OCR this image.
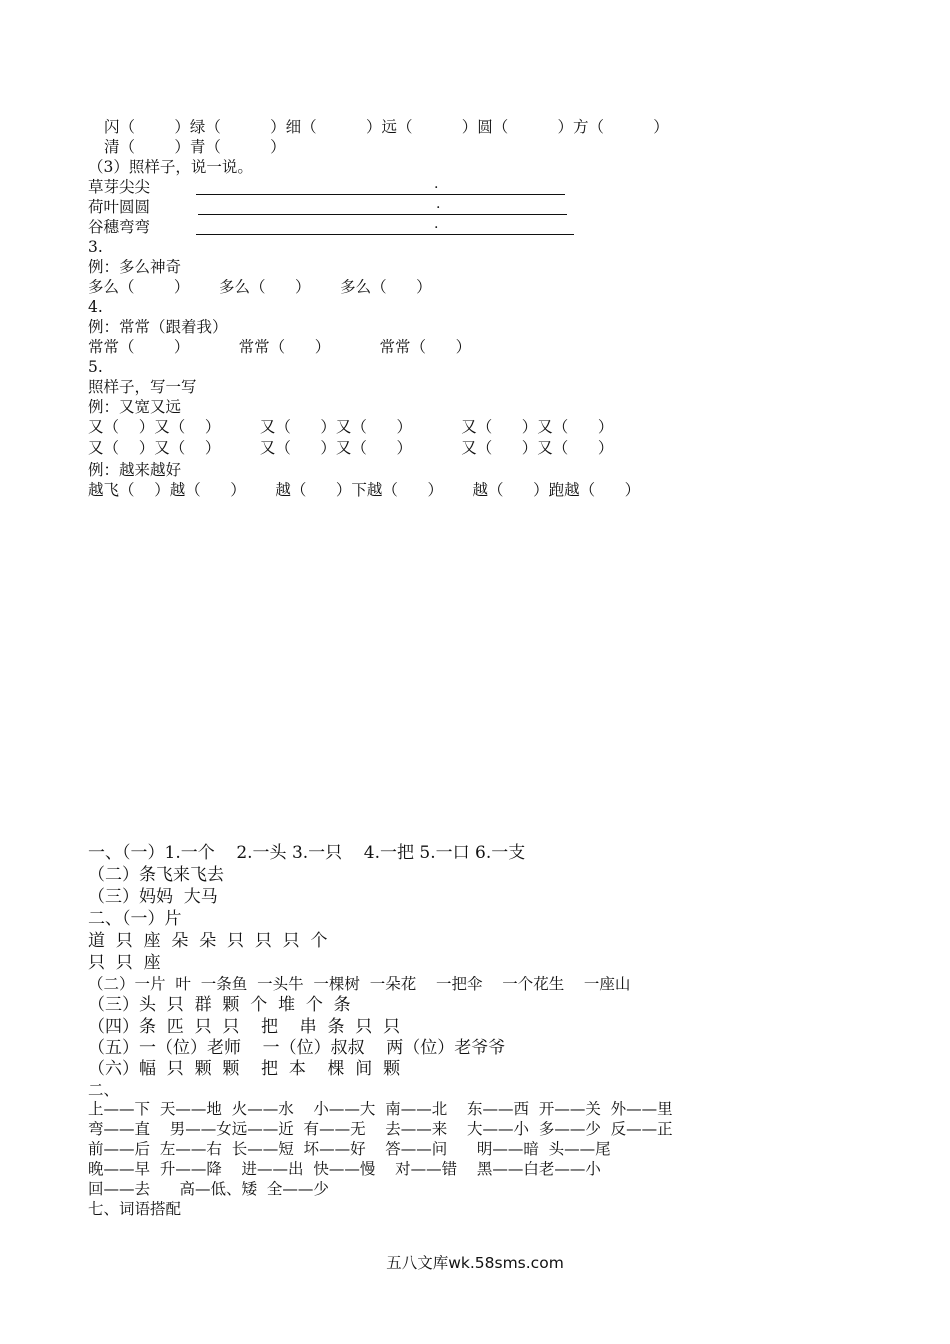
闪（        ）绿（          ）细（          ）远（          ）圆（          ）方（          ）
清（        ）青（          ）
（3）照样子，说一说。
草芽尖尖	.
荷叶圆圆	.
谷穗弯弯	.
3.
例：多么神奇
多么（        ）      多么（      ）      多么（      ）
4.
例：常常（跟着我）
常常（        ）          常常（      ）          常常（      ）
5.
照样子，写一写
例：又宽又远
又（    ）又（    ）        又（      ）又（      ）          又（      ）又（      ）
又（    ）又（    ）        又（      ）又（      ）          又（      ）又（      ）
例：越来越好
越飞（    ）越（      ）      越（      ）下越（      ）      越（      ）跑越（      ）
一、（一）1.一个    2.一头 3.一只    4.一把 5.一口 6.一支
（二）条飞来飞去
（三）妈妈  大马
二、（一）片
道  只  座  朵  朵  只  只  只  个
只  只  座
（二）一片  叶  一条鱼  一头牛  一棵树  一朵花    一把伞    一个花生    一座山
（三）头  只  群  颗  个  堆  个  条
（四）条  匹  只  只    把    串  条  只  只
（五）一（位）老师    一（位）叔叔    两（位）老爷爷
（六）幅  只  颗  颗    把  本    棵  间  颗
二、
上——下  天——地  火——水    小——大  南——北    东——西  开——关  外——里
弯——直    男——女远——近  有——无    去——来    大——小  多——少  反——正
前——后  左——右  长——短  坏——好    答——问      明——暗  头——尾
晚——早  升——降    进——出  快——慢    对——错    黑——白老——小
回——去      高—低、矮  全——少
七、词语搭配
五八文库wk.58sms.com
